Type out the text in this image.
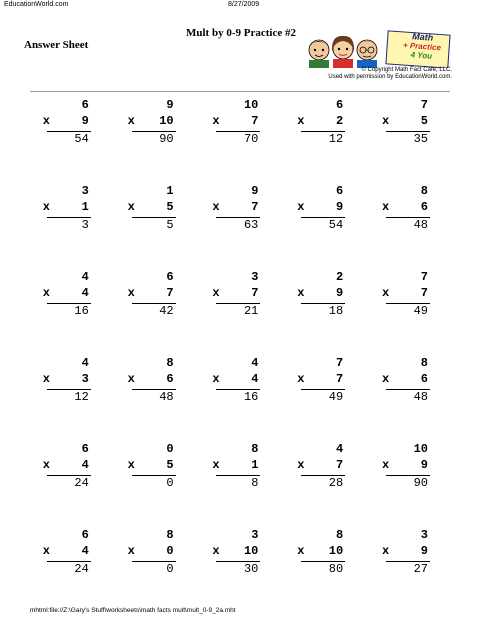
EducationWorld.com	8/27/2009
Mult by 0-9 Practice #2
Answer Sheet
Math
+ Practice
4 You
© Copyright Math Fact Cafe, LLC.
Used with permission by EducationWorld.com.
6
x	9
54
9
x 10
90
10
x	7
70
6
x	2
12
7
x	5
35
3
x	1
3
1
x	5
5
9
x	7
63
6
x	9
54
8
x	6
48
4
x	4
16
6
x	7
42
3
x	7
21
2
x	9
18
7
x	7
49
4
x	3
12
8
x	6
48
4
x	4
16
7
x	7
49
8
x	6
48
6
x	4
24
0
x	5
0
8
x	1
8
4
x	7
28
10
x	9
90
6
x	4
24
8
x	0
0
3
x 10
30
8
x 10
80
3
x	9
27
mhtml:file://Z:\Gary's Stuff\worksheets\math facts mult\mult_0-9_2a.mht
